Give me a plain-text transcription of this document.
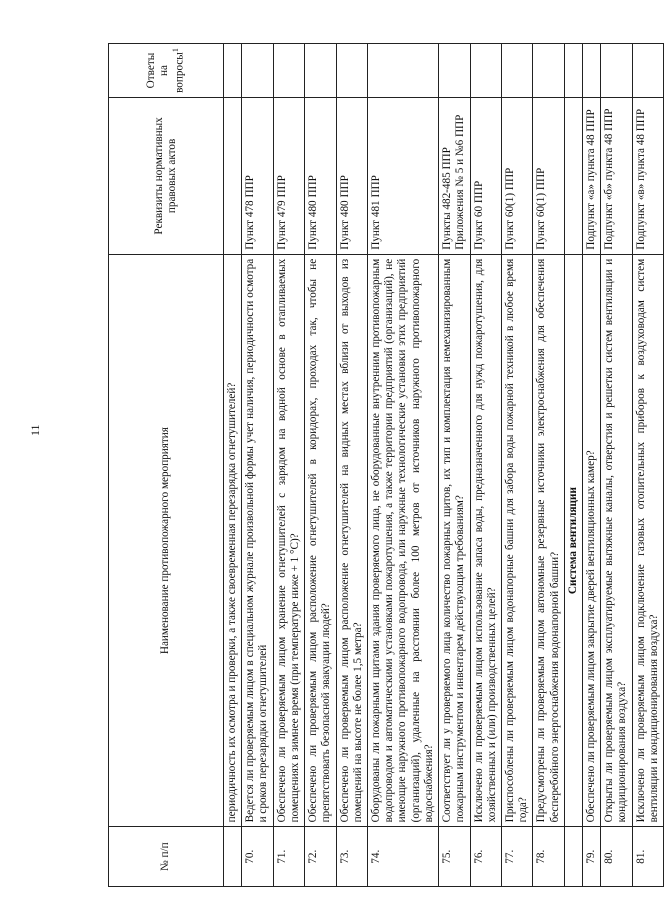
11
№ п/п	Наименование противопожарного мероприятия	Реквизиты нормативных правовых актов	Ответы на вопросы$^1$
	периодичность их осмотра и проверки, а также своевременная перезарядка огнетушителей?		
70.	Ведется ли проверяемым лицом в специальном журнале произвольной формы учет наличия, периодичности осмотра и сроков перезарядки огнетушителей	Пункт 478 ППР	
71.	Обеспечено ли проверяемым лицом хранение огнетушителей с зарядом на водной основе в отапливаемых помещениях в зимнее время (при температуре ниже + 1 °С)?	Пункт 479 ППР	
72.	Обеспечено ли проверяемым лицом расположение огнетушителей в коридорах, проходах так, чтобы не препятствовать безопасной эвакуации людей?	Пункт 480 ППР	
73.	Обеспечено ли проверяемым лицом расположение огнетушителей на видных местах вблизи от выходов из помещений на высоте не более 1,5 метра?	Пункт 480 ППР	
74.	Оборудованы ли пожарными щитами здания проверяемого лица, не оборудованные внутренним противопожарным водопроводом и автоматическими установками пожаротушения, а также территории предприятий (организаций), не имеющие наружного противопожарного водопровода, или наружные технологические установки этих предприятий (организаций), удаленные на расстоянии более 100 метров от источников наружного противопожарного водоснабжения?	Пункт 481 ППР	
75.	Соответствует ли у проверяемого лица количество пожарных щитов, их тип и комплектация немеханизированным пожарным инструментом и инвентарем действующим требованиям?	Пункты 482-485 ППР Приложения № 5 и №6 ППР	
76.	Исключено ли проверяемым лицом использование запаса воды, предназначенного для нужд пожаротушения, для хозяйственных и (или) производственных целей?	Пункт 60 ППР	
77.	Приспособлены ли проверяемым лицом водонапорные башни для забора воды пожарной техникой в любое время года?	Пункт 60(1) ППР	
78.	Предусмотрены ли проверяемым лицом автономные резервные источники электроснабжения для обеспечения бесперебойного энергоснабжения водонапорной башни?	Пункт 60(1) ППР	
	Система вентиляции		
79.	Обеспечено ли проверяемым лицом закрытие дверей вентиляционных камер?	Подпункт «а» пункта 48 ППР	
80.	Открыты ли проверяемым лицом эксплуатируемые вытяжные каналы, отверстия и решетки систем вентиляции и кондиционирования воздуха?	Подпункт «б» пункта 48 ППР	
81.	Исключено ли проверяемым лицом подключение газовых отопительных приборов к воздуховодам систем вентиляции и кондиционирования воздуха?	Подпункт «в» пункта 48 ППР	
